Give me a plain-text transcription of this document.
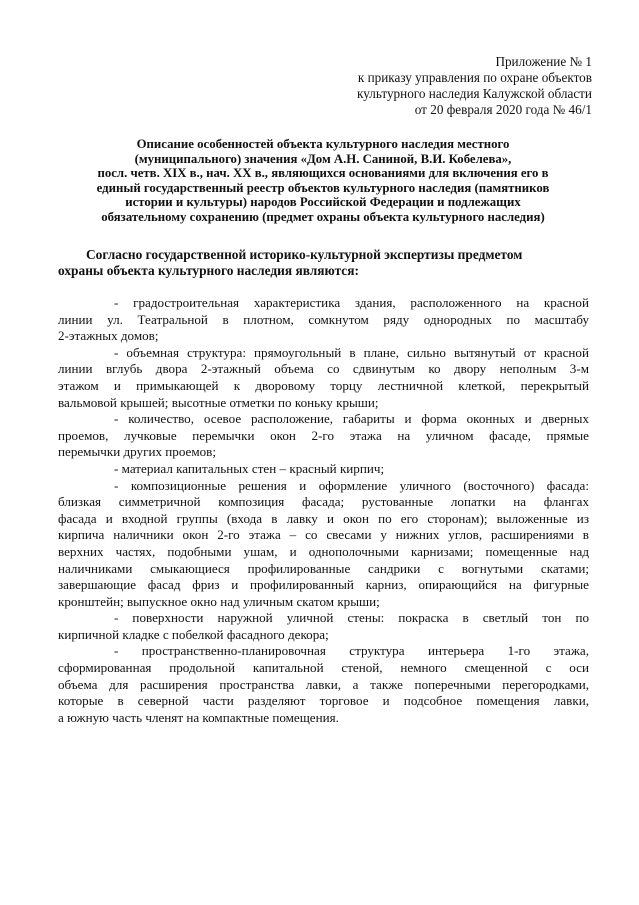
Приложение № 1
к приказу управления по охране объектов
культурного наследия Калужской области
от 20 февраля 2020 года № 46/1
Описание особенностей объекта культурного наследия местного
(муниципального) значения «Дом А.Н. Саниной, В.И. Кобелева»,
посл. четв. XIX в., нач. XX в., являющихся основаниями для включения его в
единый государственный реестр объектов культурного наследия (памятников
истории и культуры) народов Российской Федерации и подлежащих
обязательному сохранению (предмет охраны объекта культурного наследия)
Согласно государственной историко-культурной экспертизы предметом
охраны объекта культурного наследия являются:
- градостроительная характеристика здания, расположенного на красной
линии ул. Театральной в плотном, сомкнутом ряду однородных по масштабу
2-этажных домов;
- объемная структура: прямоугольный в плане, сильно вытянутый от красной
линии вглубь двора 2-этажный объема со сдвинутым ко двору неполным 3-м
этажом и примыкающей к дворовому торцу лестничной клеткой, перекрытый
вальмовой крышей; высотные отметки по коньку крыши;
- количество, осевое расположение, габариты и форма оконных и дверных
проемов, лучковые перемычки окон 2-го этажа на уличном фасаде, прямые
перемычки других проемов;
- материал капитальных стен – красный кирпич;
- композиционные решения и оформление уличного (восточного) фасада:
близкая симметричной композиция фасада; рустованные лопатки на флангах
фасада и входной группы (входа в лавку и окон по его сторонам); выложенные из
кирпича наличники окон 2-го этажа – со свесами у нижних углов, расширениями в
верхних частях, подобными ушам, и однополочными карнизами; помещенные над
наличниками смыкающиеся профилированные сандрики с вогнутыми скатами;
завершающие фасад фриз и профилированный карниз, опирающийся на фигурные
кронштейн; выпускное окно над уличным скатом крыши;
- поверхности наружной уличной стены: покраска в светлый тон по
кирпичной кладке с побелкой фасадного декора;
- пространственно-планировочная структура интерьера 1-го этажа,
сформированная продольной капитальной стеной, немного смещенной с оси
объема для расширения пространства лавки, а также поперечными перегородками,
которые в северной части разделяют торговое и подсобное помещения лавки,
а южную часть членят на компактные помещения.
